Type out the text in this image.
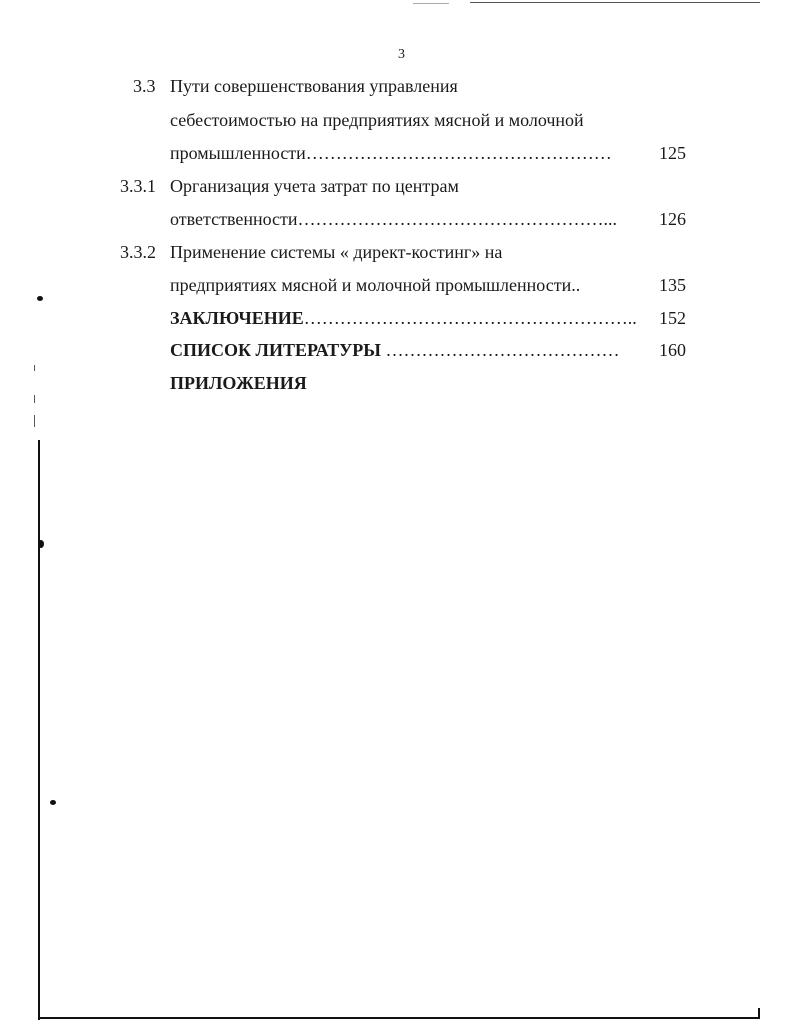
3
3.3 Пути совершенствования управления
себестоимостью на предприятиях мясной и молочной
промышленности……………………………………………	125
3.3.1 Организация учета затрат по центрам
ответственности……………………………………………...	126
3.3.2 Применение системы « директ-костинг» на
предприятиях мясной и молочной промышленности..	135
ЗАКЛЮЧЕНИЕ………………………………………………..	152
СПИСОК ЛИТЕРАТУРЫ …………………………………	160
ПРИЛОЖЕНИЯ
